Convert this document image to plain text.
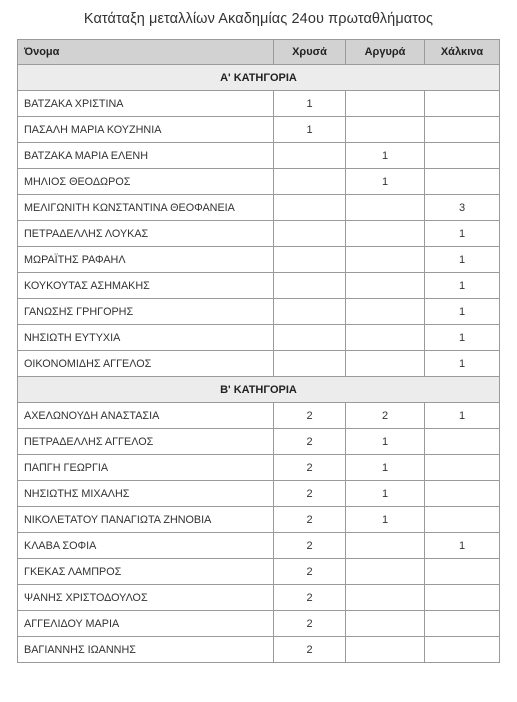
Κατάταξη μεταλλίων Ακαδημίας 24ου πρωταθλήματος
Όνομα	Χρυσά	Αργυρά	Χάλκινα
Α' ΚΑΤΗΓΟΡΙΑ			
ΒΑΤΖΑΚΑ ΧΡΙΣΤΙΝΑ	1		
ΠΑΣΑΛΗ ΜΑΡΙΑ ΚΟΥΖΗΝΙΑ	1		
ΒΑΤΖΑΚΑ ΜΑΡΙΑ ΕΛΕΝΗ		1	
ΜΗΛΙΟΣ ΘΕΟΔΩΡΟΣ		1	
ΜΕΛΙΓΩΝΙΤΗ ΚΩΝΣΤΑΝΤΙΝΑ ΘΕΟΦΑΝΕΙΑ			3
ΠΕΤΡΑΔΕΛΛΗΣ ΛΟΥΚΑΣ			1
ΜΩΡΑΪΤΗΣ ΡΑΦΑΗΛ			1
ΚΟΥΚΟΥΤΑΣ ΑΣΗΜΑΚΗΣ			1
ΓΑΝΩΣΗΣ ΓΡΗΓΟΡΗΣ			1
ΝΗΣΙΩΤΗ ΕΥΤΥΧΙΑ			1
ΟΙΚΟΝΟΜΙΔΗΣ ΑΓΓΕΛΟΣ			1
Β' ΚΑΤΗΓΟΡΙΑ			
ΑΧΕΛΩΝΟΥΔΗ ΑΝΑΣΤΑΣΙΑ	2	2	1
ΠΕΤΡΑΔΕΛΛΗΣ ΑΓΓΕΛΟΣ	2	1	
ΠΑΠΓΗ ΓΕΩΡΓΙΑ	2	1	
ΝΗΣΙΩΤΗΣ ΜΙΧΑΛΗΣ	2	1	
ΝΙΚΟΛΕΤΑΤΟΥ ΠΑΝΑΓΙΩΤΑ ΖΗΝΟΒΙΑ	2	1	
ΚΛΑΒΑ ΣΟΦΙΑ	2		1
ΓΚΕΚΑΣ ΛΑΜΠΡΟΣ	2		
ΨΑΝΗΣ ΧΡΙΣΤΟΔΟΥΛΟΣ	2		
ΑΓΓΕΛΙΔΟΥ ΜΑΡΙΑ	2		
ΒΑΓΙΑΝΝΗΣ ΙΩΑΝΝΗΣ	2		
